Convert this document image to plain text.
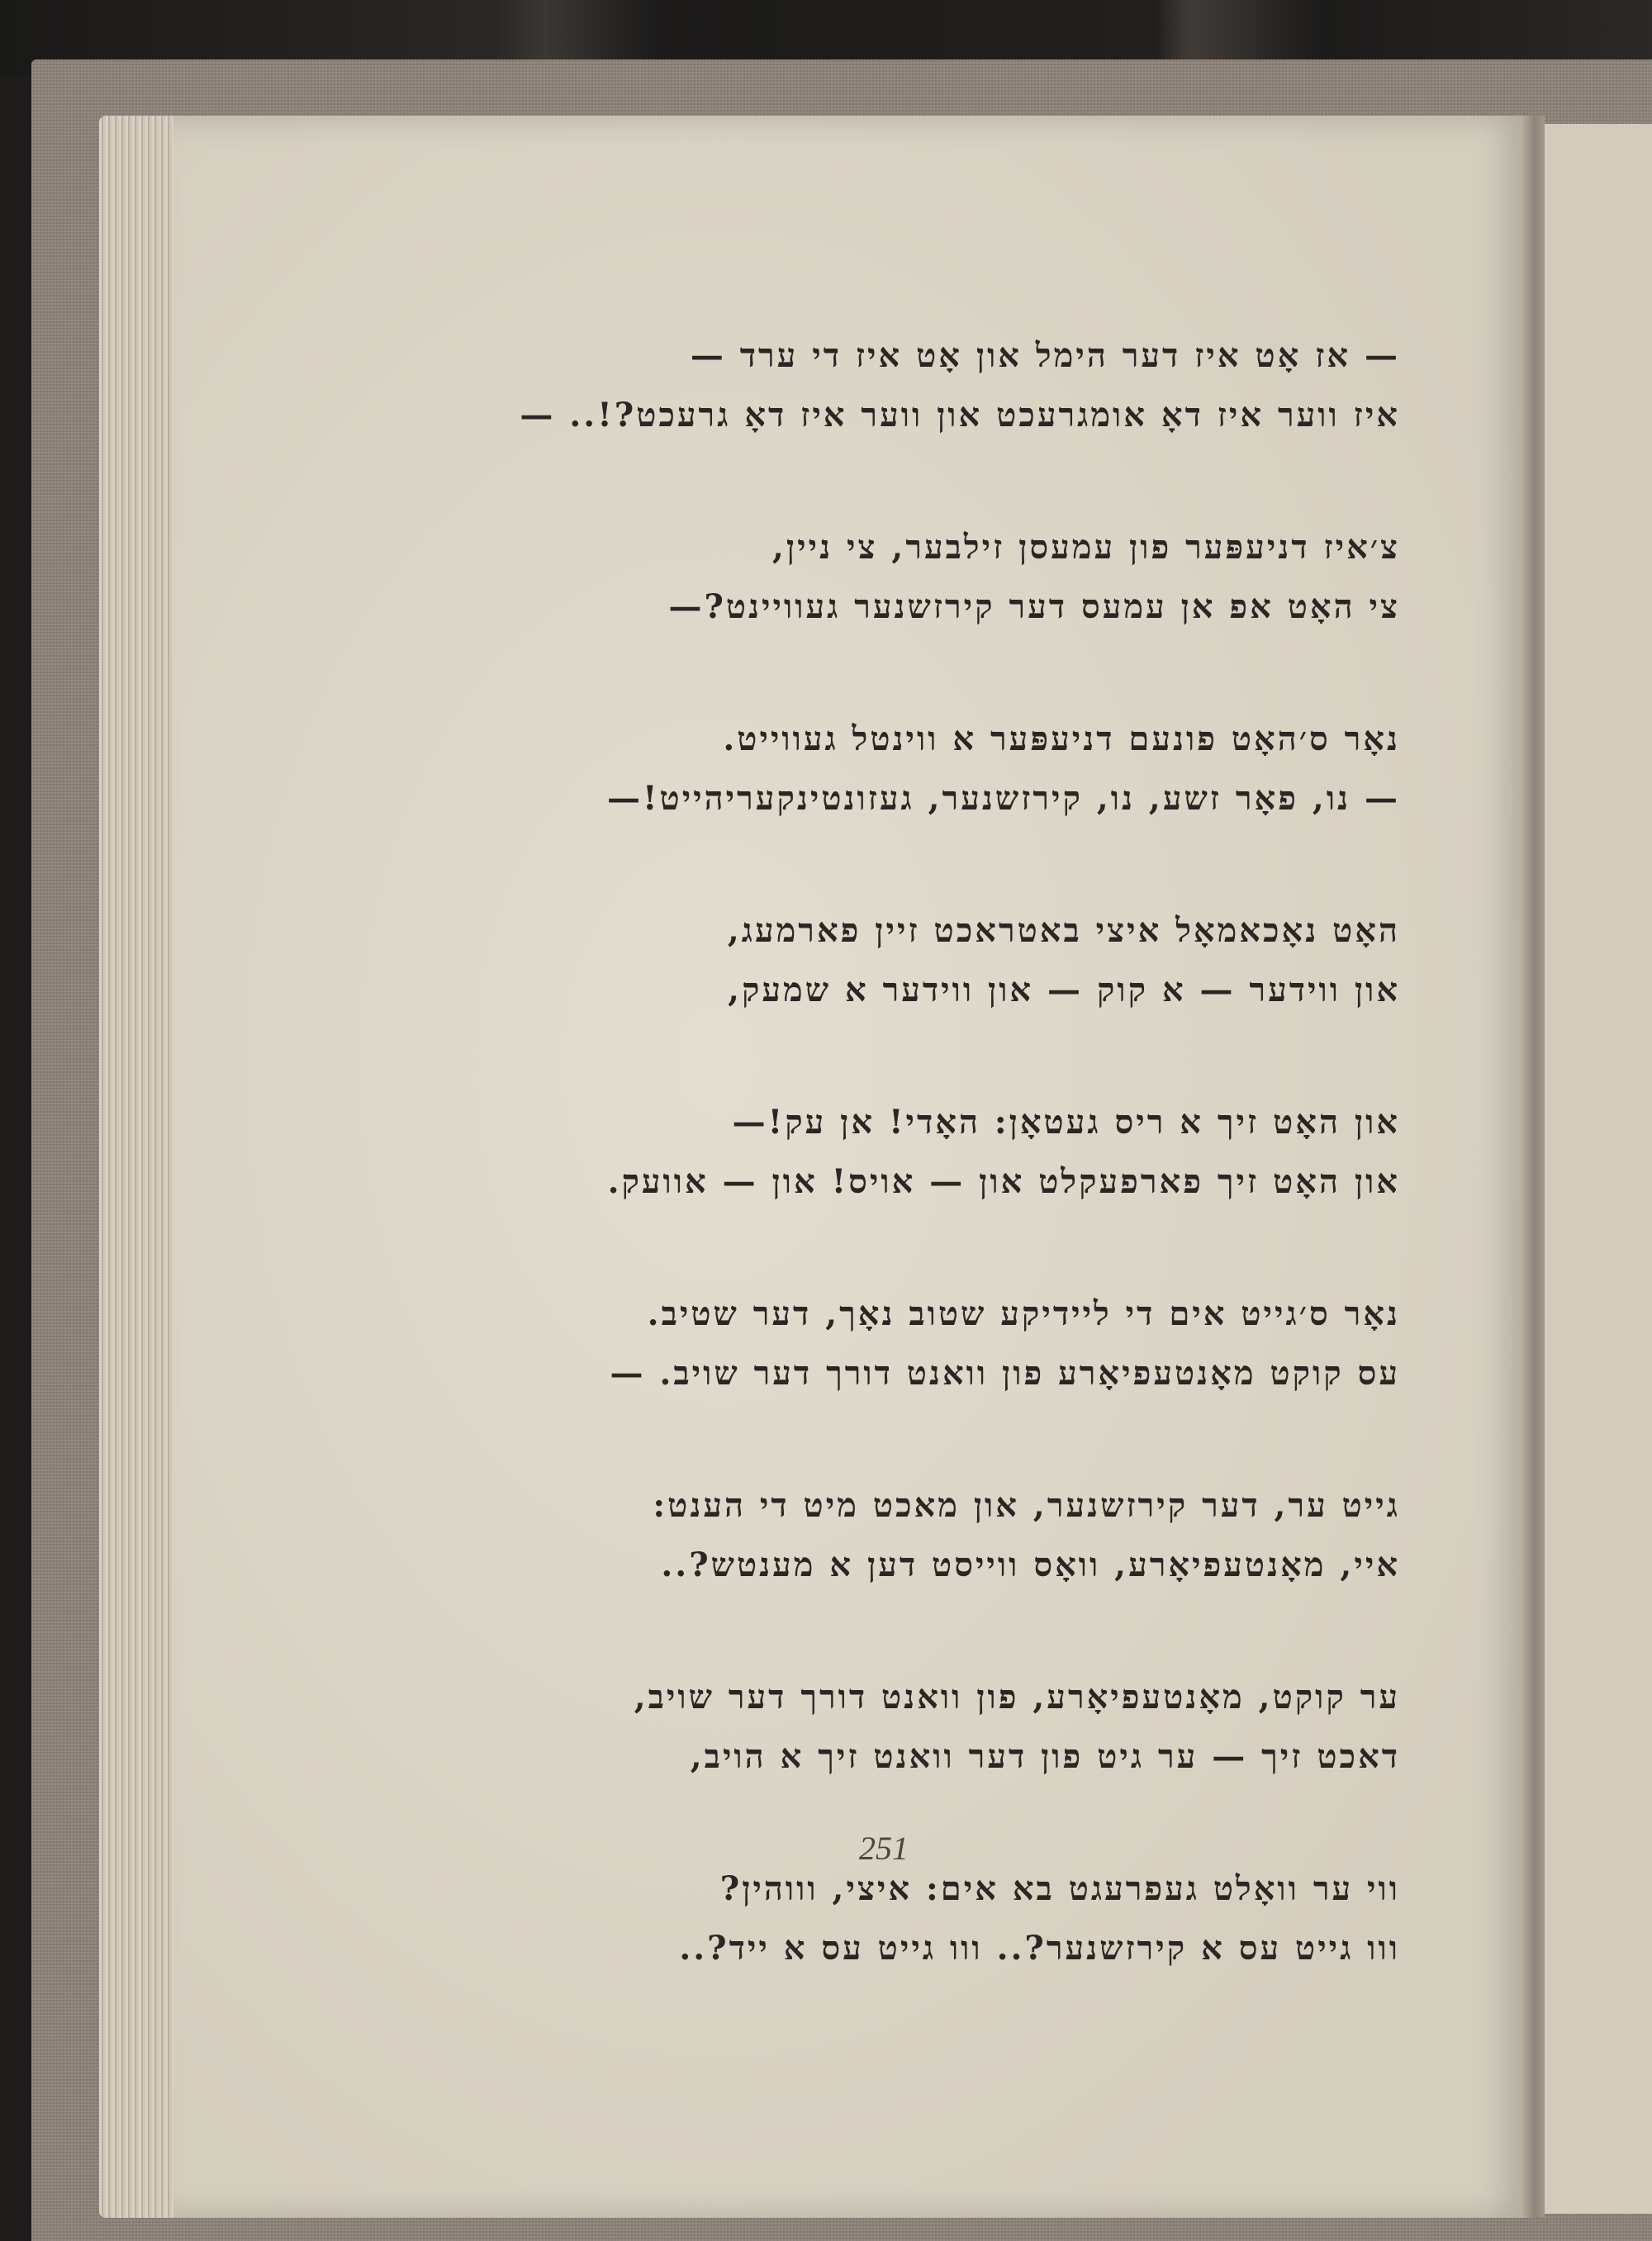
— אז אָט איז דער הימל און אָט איז די ערד —
איז ווער איז דאָ אומגרעכט און ווער איז דאָ גרעכט?!.. —
צ׳איז דניעפּער פון עמעסן זילבער, צי ניין,
צי האָט אפ אן עמעס דער קירזשנער געוויינט?—
נאָר ס׳האָט פונעם דניעפּער א ווינטל געווייט.
— נו, פאָר זשע, נו, קירזשנער, געזונטינקעריהייט!—
האָט נאָכאמאָל איצי באטראכט זיין פארמעג,
און ווידער — א קוק — און ווידער א שמעק,
און האָט זיך א ריס געטאָן: האָדי! אן עק!—
און האָט זיך פארפעקלט און — אויס! און — אוועק.
נאָר ס׳גייט אים די ליידיקע שטוב נאָך, דער שטיב.
עס קוקט מאָנטעפיאָרע פון וואנט דורך דער שויב. —
גייט ער, דער קירזשנער, און מאכט מיט די הענט:
איי, מאָנטעפיאָרע, וואָס ווייסט דען א מענטש?..
ער קוקט, מאָנטעפיאָרע, פון וואנט דורך דער שויב,
דאכט זיך — ער גיט פון דער וואנט זיך א הויב,
ווי ער וואָלט געפרעגט בא אים: איצי, וווהין?
ווו גייט עס א קירזשנער?.. ווו גייט עס א ייד?..
251
